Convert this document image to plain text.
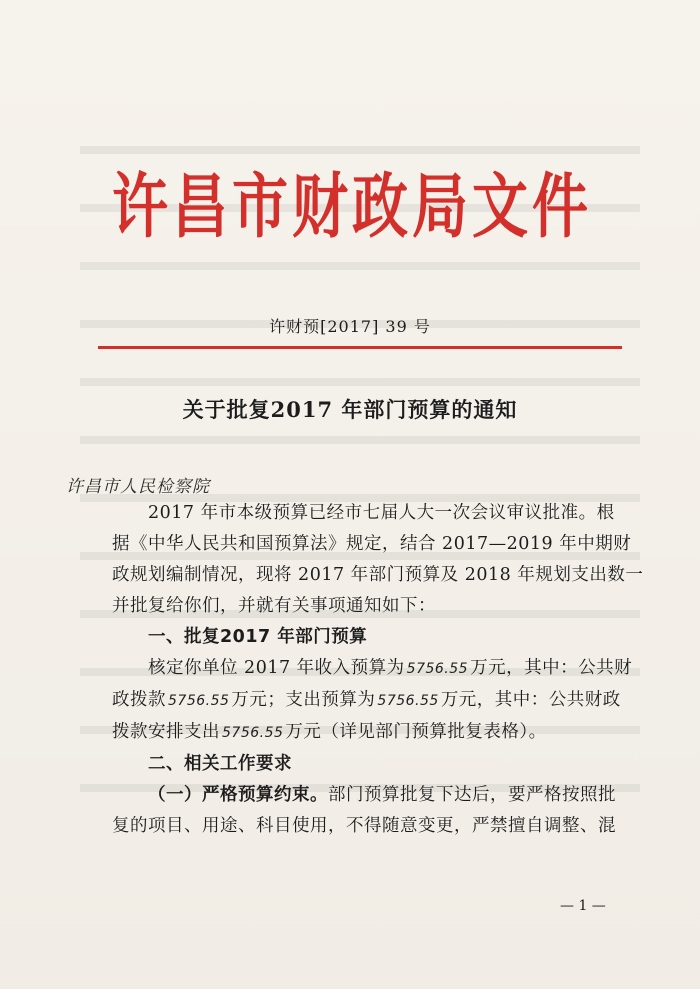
许昌市财政局文件
许财预[2017] 39 号
关于批复2017 年部门预算的通知
许昌市人民检察院
2017 年市本级预算已经市七届人大一次会议审议批准。根
据《中华人民共和国预算法》规定，结合 2017—2019 年中期财
政规划编制情况，现将 2017 年部门预算及 2018 年规划支出数一
并批复给你们，并就有关事项通知如下：
一、批复2017 年部门预算
核定你单位 2017 年收入预算为 5756.55 万元，其中：公共财
政拨款 5756.55 万元；支出预算为 5756.55 万元，其中：公共财政
拨款安排支出 5756.55 万元（详见部门预算批复表格）。
二、相关工作要求
（一）严格预算约束。部门预算批复下达后，要严格按照批
复的项目、用途、科目使用，不得随意变更，严禁擅自调整、混
— 1 —
